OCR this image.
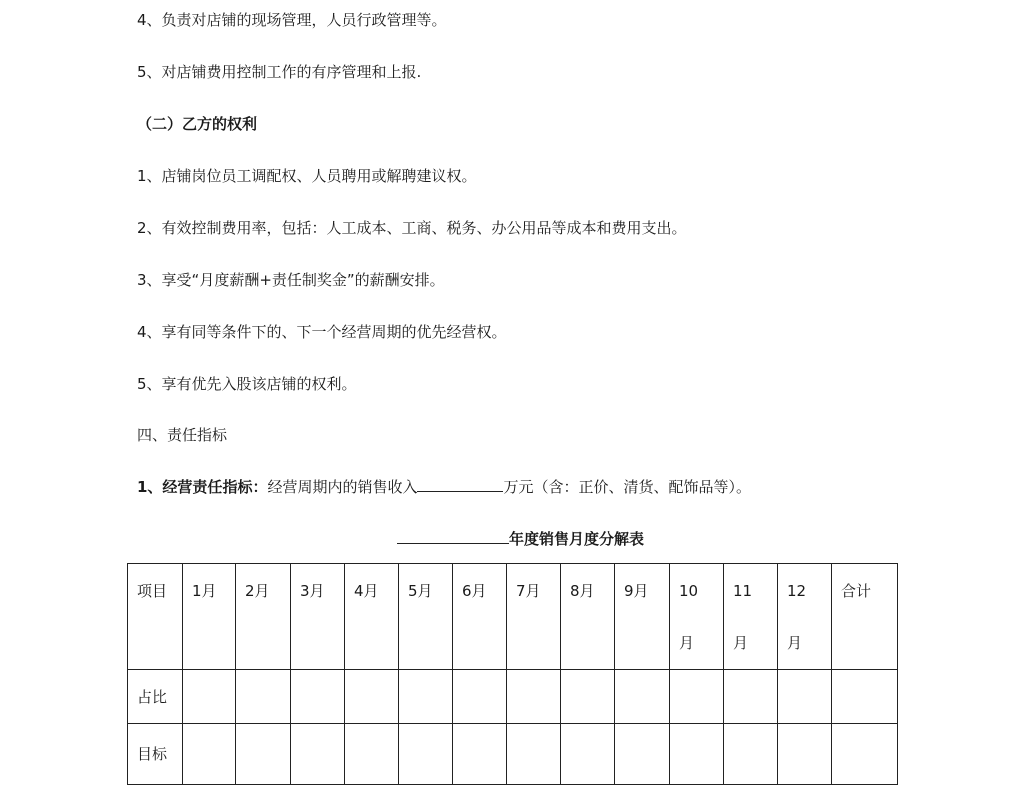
4、负责对店铺的现场管理，人员行政管理等。
5、对店铺费用控制工作的有序管理和上报.
（二）乙方的权利
1、店铺岗位员工调配权、人员聘用或解聘建议权。
2、有效控制费用率，包括：人工成本、工商、税务、办公用品等成本和费用支出。
3、享受“月度薪酬+责任制奖金”的薪酬安排。
4、享有同等条件下的、下一个经营周期的优先经营权。
5、享有优先入股该店铺的权利。
四、责任指标
1、经营责任指标：经营周期内的销售收入	万元（含：正价、清货、配饰品等）。
年度销售月度分解表
项目	1月	2月	3月	4月	5月	6月	7月	8月	9月	10月	11月	12月	合计
占比													
目标													
